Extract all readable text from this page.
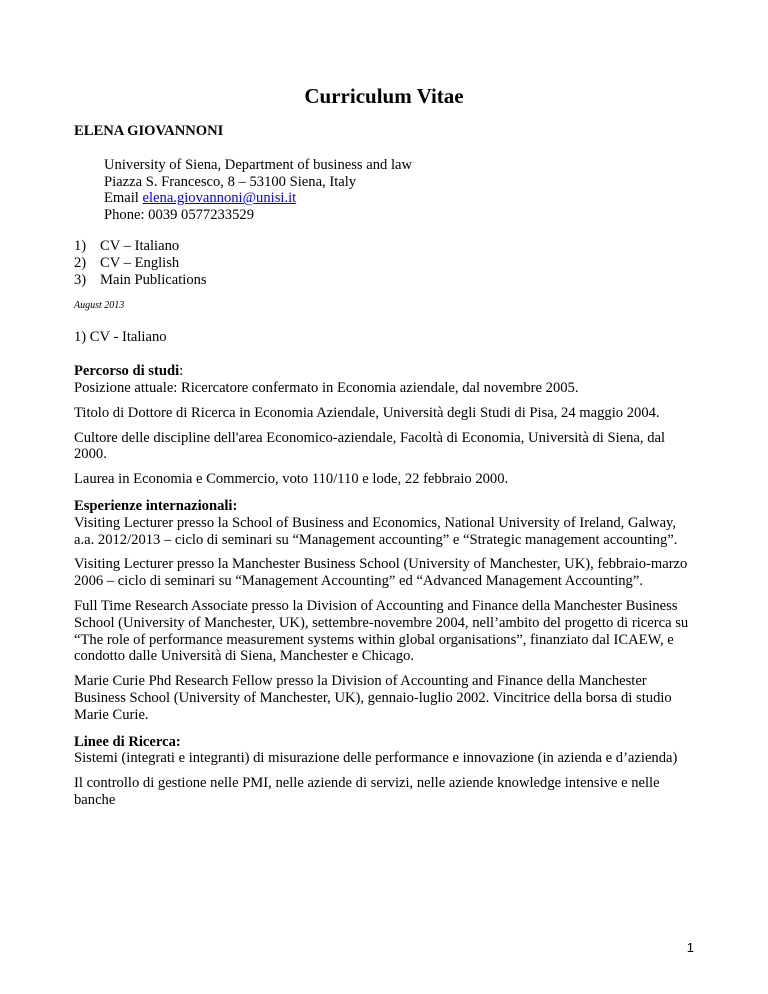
Curriculum Vitae
ELENA GIOVANNONI
University of Siena, Department of business and law
Piazza S. Francesco, 8 – 53100 Siena, Italy
Email elena.giovannoni@unisi.it
Phone: 0039 0577233529
1) CV – Italiano
2) CV – English
3) Main Publications
August 2013
1) CV - Italiano
Percorso di studi:

Posizione attuale: Ricercatore confermato in Economia aziendale, dal novembre 2005.

Titolo di Dottore di Ricerca in Economia Aziendale, Università degli Studi di Pisa, 24 maggio 2004.

Cultore delle discipline dell'area Economico-aziendale, Facoltà di Economia, Università di Siena, dal 2000.

Laurea in Economia e Commercio, voto 110/110 e lode, 22 febbraio 2000.

Esperienze internazionali:

Visiting Lecturer presso la School of Business and Economics, National University of Ireland, Galway, a.a. 2012/2013 – ciclo di seminari su “Management accounting” e “Strategic management accounting”.

Visiting Lecturer presso la Manchester Business School (University of Manchester, UK), febbraio-marzo 2006 – ciclo di seminari su “Management Accounting” ed “Advanced Management Accounting”.

Full Time Research Associate presso la Division of Accounting and Finance della Manchester Business School (University of Manchester, UK), settembre-novembre 2004, nell’ambito del progetto di ricerca su “The role of performance measurement systems within global organisations”, finanziato dal ICAEW, e condotto dalle Università di Siena, Manchester e Chicago.

Marie Curie Phd Research Fellow presso la Division of Accounting and Finance della Manchester Business School (University of Manchester, UK), gennaio-luglio 2002. Vincitrice della borsa di studio Marie Curie.

Linee di Ricerca:

Sistemi (integrati e integranti) di misurazione delle performance e innovazione (in azienda e d’azienda)

Il controllo di gestione nelle PMI, nelle aziende di servizi, nelle aziende knowledge intensive e nelle banche

1
